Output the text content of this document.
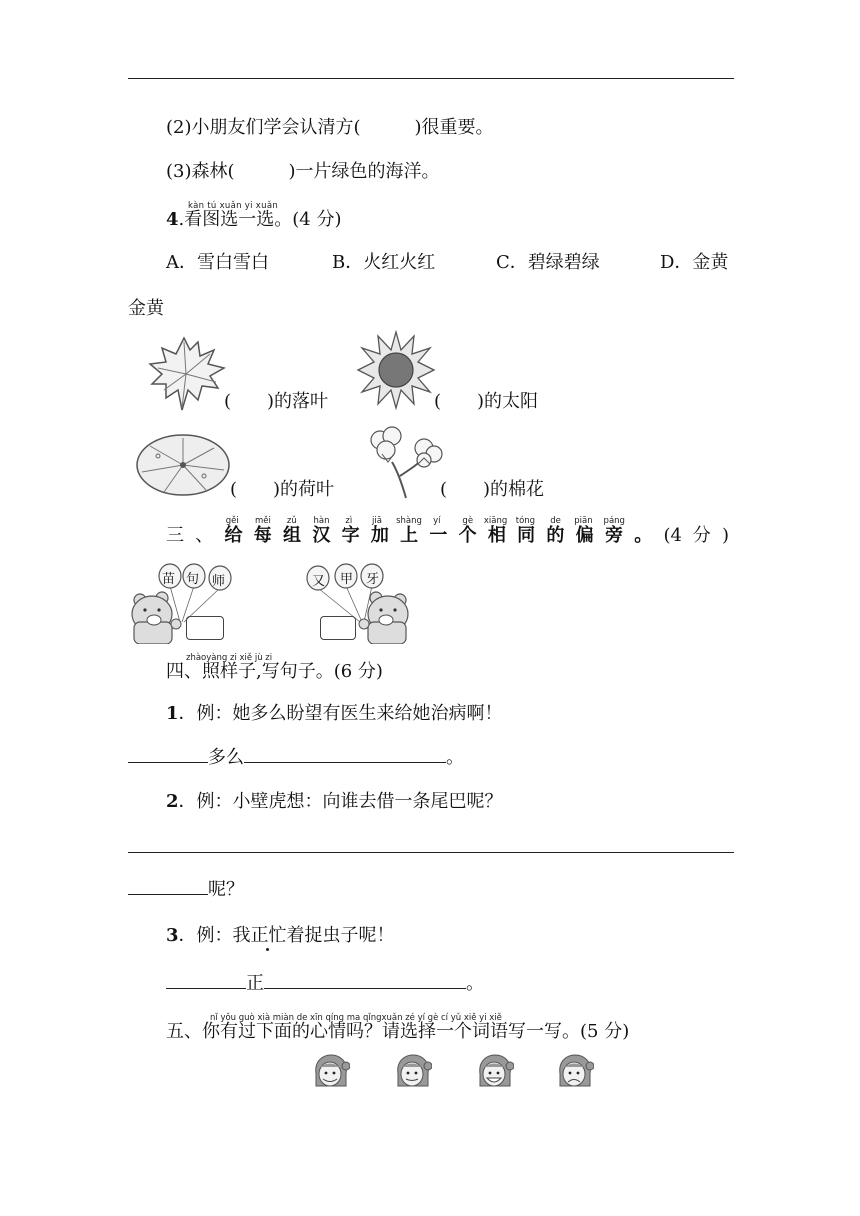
(2)小朋友们学会认清方(　　　)很重要。
(3)森林(　　　)一片绿色的海洋。
kàn tú xuǎn yi xuǎn
4.看图选一选。(4 分)
A．雪白雪白	B．火红火红	C．碧绿碧绿	D．金黄
金黄
(　　)的落叶	(　　)的太阳
(　　)的荷叶	(　　)的棉花
gěi měi zǔ hàn zì jiā shàng yí	gè xiāng tóng de piān páng
三 、 给 每 组 汉 字 加 上 一 个 相 同 的 偏 旁 。 (4 分 )
苗 句 师	又 甲 牙
zhàoyàng zi xiě jù zi
四、照样子,写句子。(6 分)
1．例：她多么盼望有医生来给她治病啊！
多么	。
2．例：小壁虎想：向谁去借一条尾巴呢？
呢？
3．例：我正忙着捉虫子呢！
正	。
nǐ yǒu guò xià miàn de xīn qíng ma qǐngxuǎn zé yí gè cí yǔ xiě yi xiě
五、你有过下面的心情吗？请选择一个词语写一写。(5 分)
